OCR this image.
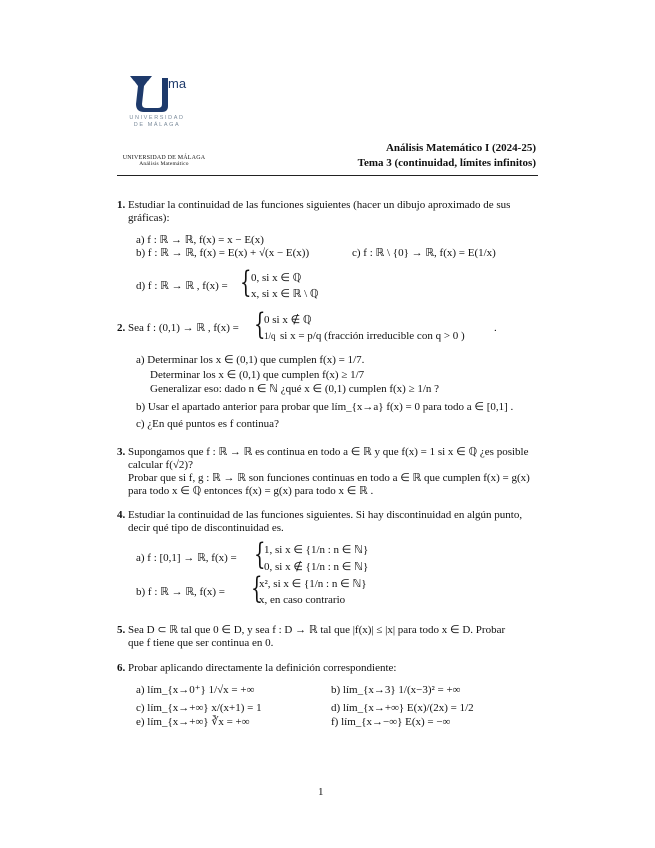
ma
UNIVERSIDAD
DE MÁLAGA
UNIVERSIDAD DE MÁLAGA
Análisis Matemático
Análisis Matemático I (2024-25)
Tema 3 (continuidad, límites infinitos)
1. Estudiar la continuidad de las funciones siguientes (hacer un dibujo aproximado de sus
gráficas):
a) f : ℝ → ℝ, f(x) = x − E(x)
b) f : ℝ → ℝ, f(x) = E(x) + √(x − E(x))	c) f : ℝ \ {0} → ℝ, f(x) = E(1/x)
d) f : ℝ → ℝ , f(x) = { 0, si x ∈ ℚ
x, si x ∈ ℝ \ ℚ
2. Sea f : (0,1) → ℝ , f(x) = {
0 si x ∉ ℚ
1/q si x = p/q (fracción irreducible con q > 0 )
.
a) Determinar los x ∈ (0,1) que cumplen f(x) = 1/7.
Determinar los x ∈ (0,1) que cumplen f(x) ≥ 1/7
Generalizar eso: dado n ∈ ℕ ¿qué x ∈ (0,1) cumplen f(x) ≥ 1/n ?
b) Usar el apartado anterior para probar que lím_{x→a} f(x) = 0 para todo a ∈ [0,1] .
c) ¿En qué puntos es f continua?
3. Supongamos que f : ℝ → ℝ es continua en todo a ∈ ℝ y que f(x) = 1 si x ∈ ℚ ¿es posible
calcular f(√2)?
Probar que si f, g : ℝ → ℝ son funciones continuas en todo a ∈ ℝ que cumplen f(x) = g(x)
para todo x ∈ ℚ entonces f(x) = g(x) para todo x ∈ ℝ .
4. Estudiar la continuidad de las funciones siguientes. Si hay discontinuidad en algún punto,
decir qué tipo de discontinuidad es.
a) f : [0,1] → ℝ, f(x) = {
1, si x ∈ {1/n : n ∈ ℕ}
0, si x ∉ {1/n : n ∈ ℕ}
b) f : ℝ → ℝ, f(x) = {
x², si x ∈ {1/n : n ∈ ℕ}
x, en caso contrario
5. Sea D ⊂ ℝ tal que 0 ∈ D, y sea f : D → ℝ tal que |f(x)| ≤ |x| para todo x ∈ D. Probar
que f tiene que ser continua en 0.
6. Probar aplicando directamente la definición correspondiente:
a) lím_{x→0⁺} 1/√x = +∞	b) lím_{x→3} 1/(x−3)² = +∞
c) lím_{x→+∞} x/(x+1) = 1	d) lím_{x→+∞} E(x)/(2x) = 1/2
e) lím_{x→+∞} ∛x = +∞	f) lím_{x→−∞} E(x) = −∞
1
